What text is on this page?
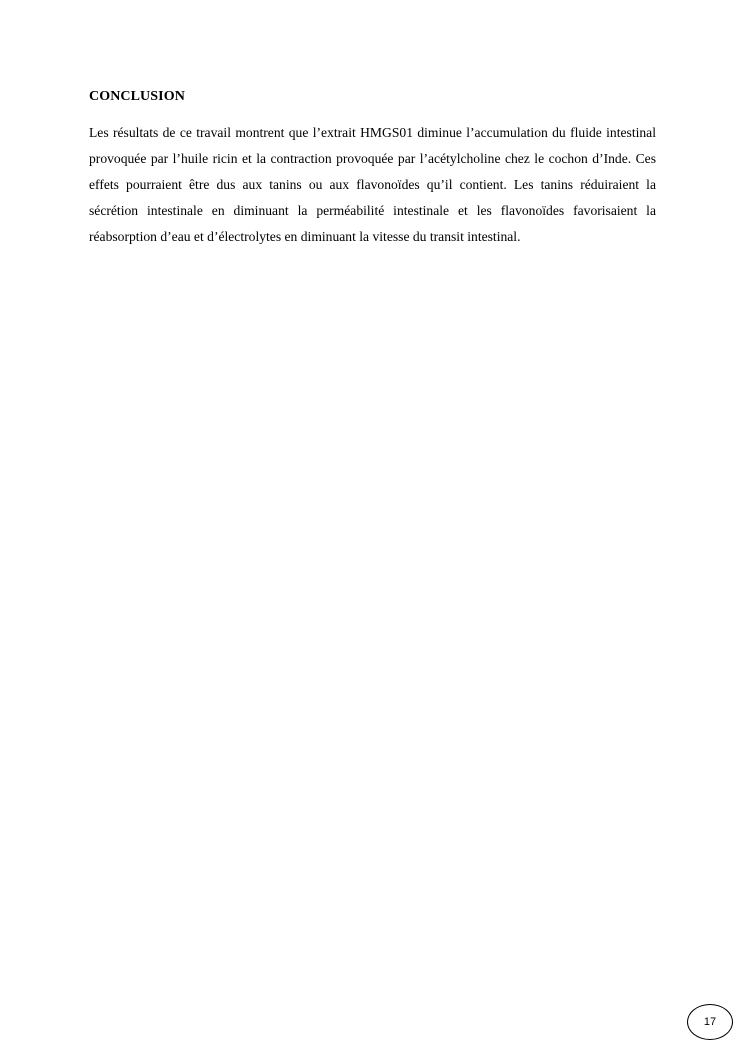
CONCLUSION

Les résultats de ce travail montrent que l’extrait HMGS01 diminue l’accumulation du fluide intestinal provoquée par l’huile ricin et la contraction provoquée par l’acétylcholine chez le cochon d’Inde. Ces effets pourraient être dus aux tanins ou aux flavonoïdes qu’il contient. Les tanins réduiraient la sécrétion intestinale en diminuant la perméabilité intestinale et les flavonoïdes favorisaient la réabsorption d’eau et d’électrolytes en diminuant la vitesse du transit intestinal.

17
